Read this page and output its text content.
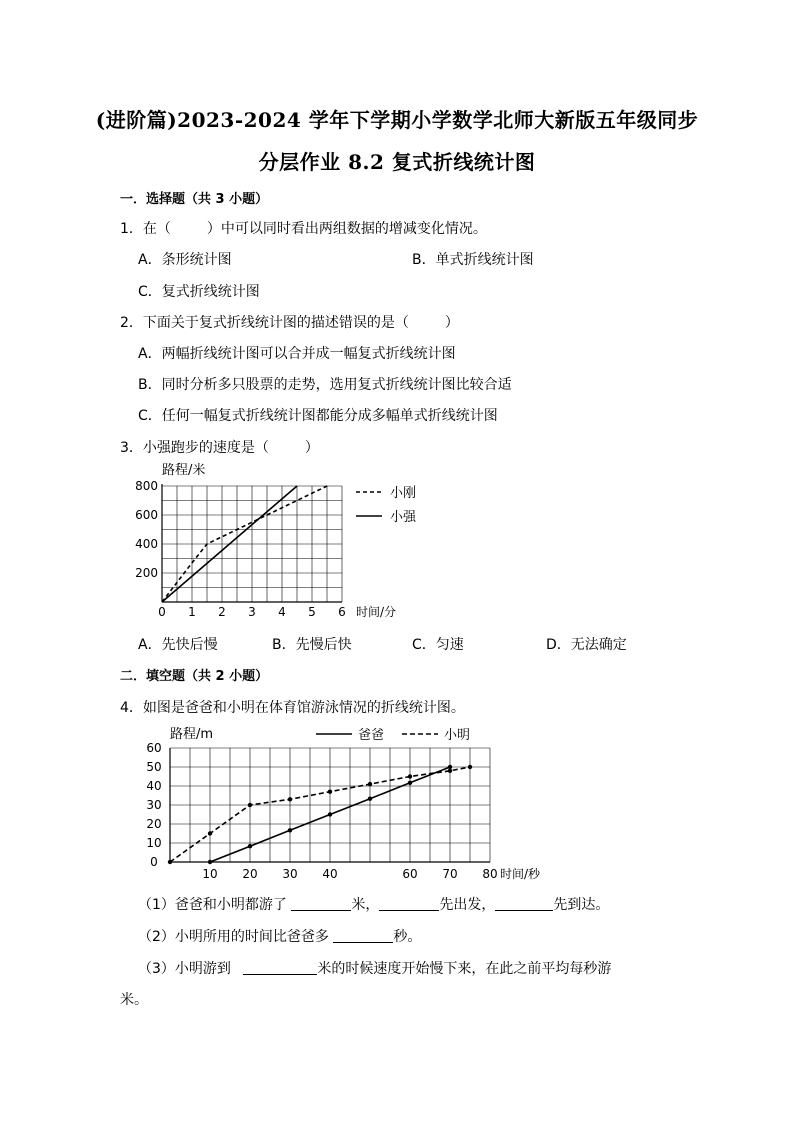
(进阶篇)2023-2024 学年下学期小学数学北师大新版五年级同步
分层作业 8.2 复式折线统计图
一．选择题（共 3 小题）
1．在（	）中可以同时看出两组数据的增减变化情况。
A．条形统计图	B．单式折线统计图
C．复式折线统计图
2．下面关于复式折线统计图的描述错误的是（	）
A．两幅折线统计图可以合并成一幅复式折线统计图
B．同时分析多只股票的走势，选用复式折线统计图比较合适
C．任何一幅复式折线统计图都能分成多幅单式折线统计图
3．小强跑步的速度是（	）
路程/米
200
400
600
800
0 1 2 3 4 5 6 时间/分
小刚
小强
A．先快后慢	B．先慢后快	C．匀速	D．无法确定
二．填空题（共 2 小题）
4．如图是爸爸和小明在体育馆游泳情况的折线统计图。
路程/m
0
10
20
30
40
50
60
10 20 30 40	60 70 80 时间/秒
爸爸	小明
（1）爸爸和小明都游了	米，	先出发，	先到达。
（2）小明所用的时间比爸爸多	秒。
（3）小明游到	米的时候速度开始慢下来，在此之前平均每秒游
米。
